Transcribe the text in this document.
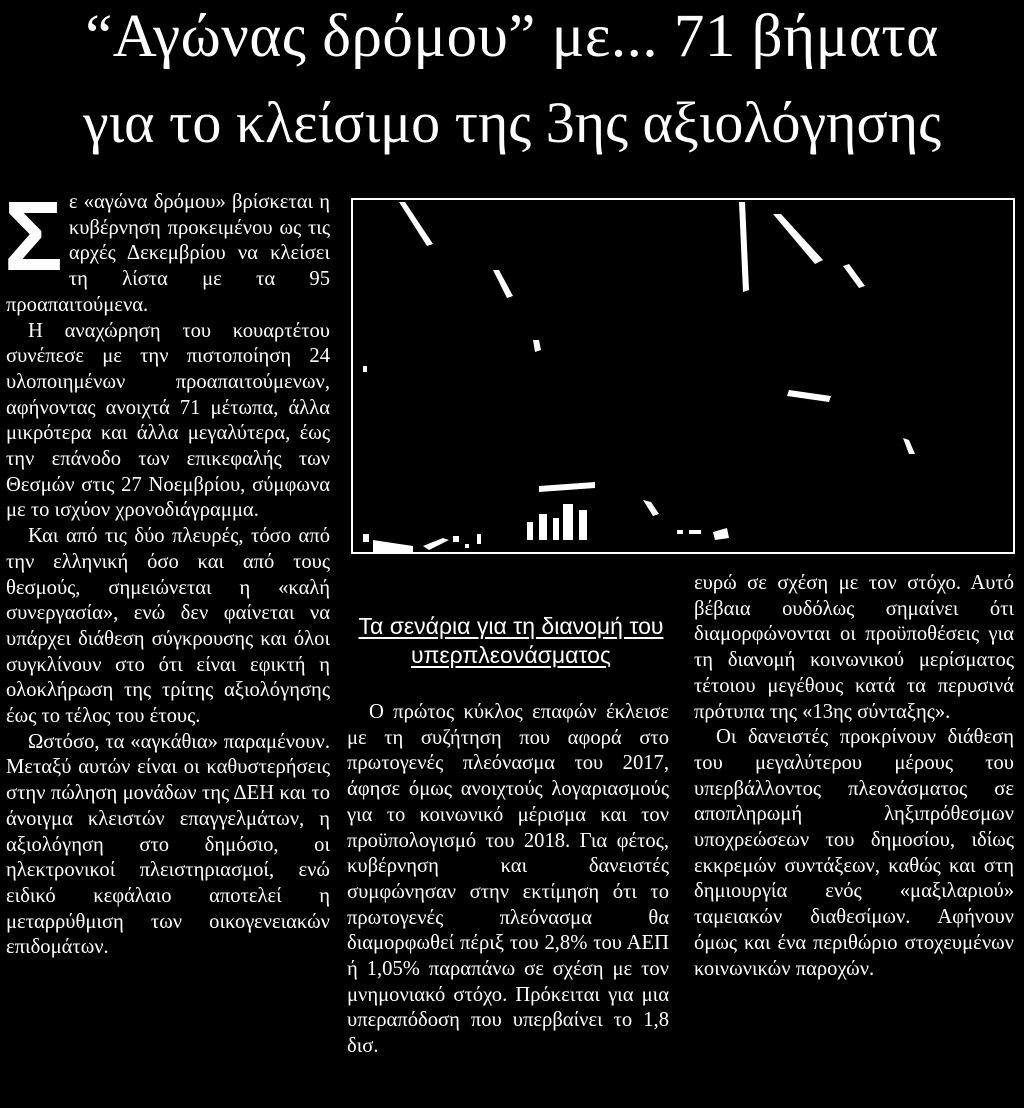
“Αγώνας δρόμου” με... 71 βήματα
για το κλείσιμο της 3ης αξιολόγησης

Σε «αγώνα δρόμου» βρίσκεται η κυβέρνηση προκειμένου ως τις αρχές Δεκεμβρίου να κλείσει τη λίστα με τα 95 προαπαιτούμενα.

Η αναχώρηση του κουαρτέτου συνέπεσε με την πιστοποίηση 24 υλοποιημένων προαπαιτούμενων, αφήνοντας ανοιχτά 71 μέτωπα, άλλα μικρότερα και άλλα μεγαλύτερα, έως την επάνοδο των επικεφαλής των Θεσμών στις 27 Νοεμβρίου, σύμφωνα με το ισχύον χρονοδιάγραμμα.

Και από τις δύο πλευρές, τόσο από την ελληνική όσο και από τους θεσμούς, σημειώνεται η «καλή συνεργασία», ενώ δεν φαίνεται να υπάρχει διάθεση σύγκρουσης και όλοι συγκλίνουν στο ότι είναι εφικτή η ολοκλήρωση της τρίτης αξιολόγησης έως το τέλος του έτους.

Ωστόσο, τα «αγκάθια» παραμένουν. Μεταξύ αυτών είναι οι καθυστερήσεις στην πώληση μονάδων της ΔΕΗ και το άνοιγμα κλειστών επαγγελμάτων, η αξιολόγηση στο δημόσιο, οι ηλεκτρονικοί πλειστηριασμοί, ενώ ειδικό κεφάλαιο αποτελεί η μεταρρύθμιση των οικογενειακών επιδομάτων.

Τα σενάρια για τη διανομή του υπερπλεονάσματος

Ο πρώτος κύκλος επαφών έκλεισε με τη συζήτηση που αφορά στο πρωτογενές πλεόνασμα του 2017, άφησε όμως ανοιχτούς λογαριασμούς για το κοινωνικό μέρισμα και τον προϋπολογισμό του 2018. Για φέτος, κυβέρνηση και δανειστές συμφώνησαν στην εκτίμηση ότι το πρωτογενές πλεόνασμα θα διαμορφωθεί πέριξ του 2,8% του ΑΕΠ ή 1,05% παραπάνω σε σχέση με τον μνημονιακό στόχο. Πρόκειται για μια υπεραπόδοση που υπερβαίνει το 1,8 δισ.

ευρώ σε σχέση με τον στόχο. Αυτό βέβαια ουδόλως σημαίνει ότι διαμορφώνονται οι προϋποθέσεις για τη διανομή κοινωνικού μερίσματος τέτοιου μεγέθους κατά τα περυσινά πρότυπα της «13ης σύνταξης».

Οι δανειστές προκρίνουν διάθεση του μεγαλύτερου μέρους του υπερβάλλοντος πλεονάσματος σε αποπληρωμή ληξιπρόθεσμων υποχρεώσεων του δημοσίου, ιδίως εκκρεμών συντάξεων, καθώς και στη δημιουργία ενός «μαξιλαριού» ταμειακών διαθεσίμων. Αφήνουν όμως και ένα περιθώριο στοχευμένων κοινωνικών παροχών.
